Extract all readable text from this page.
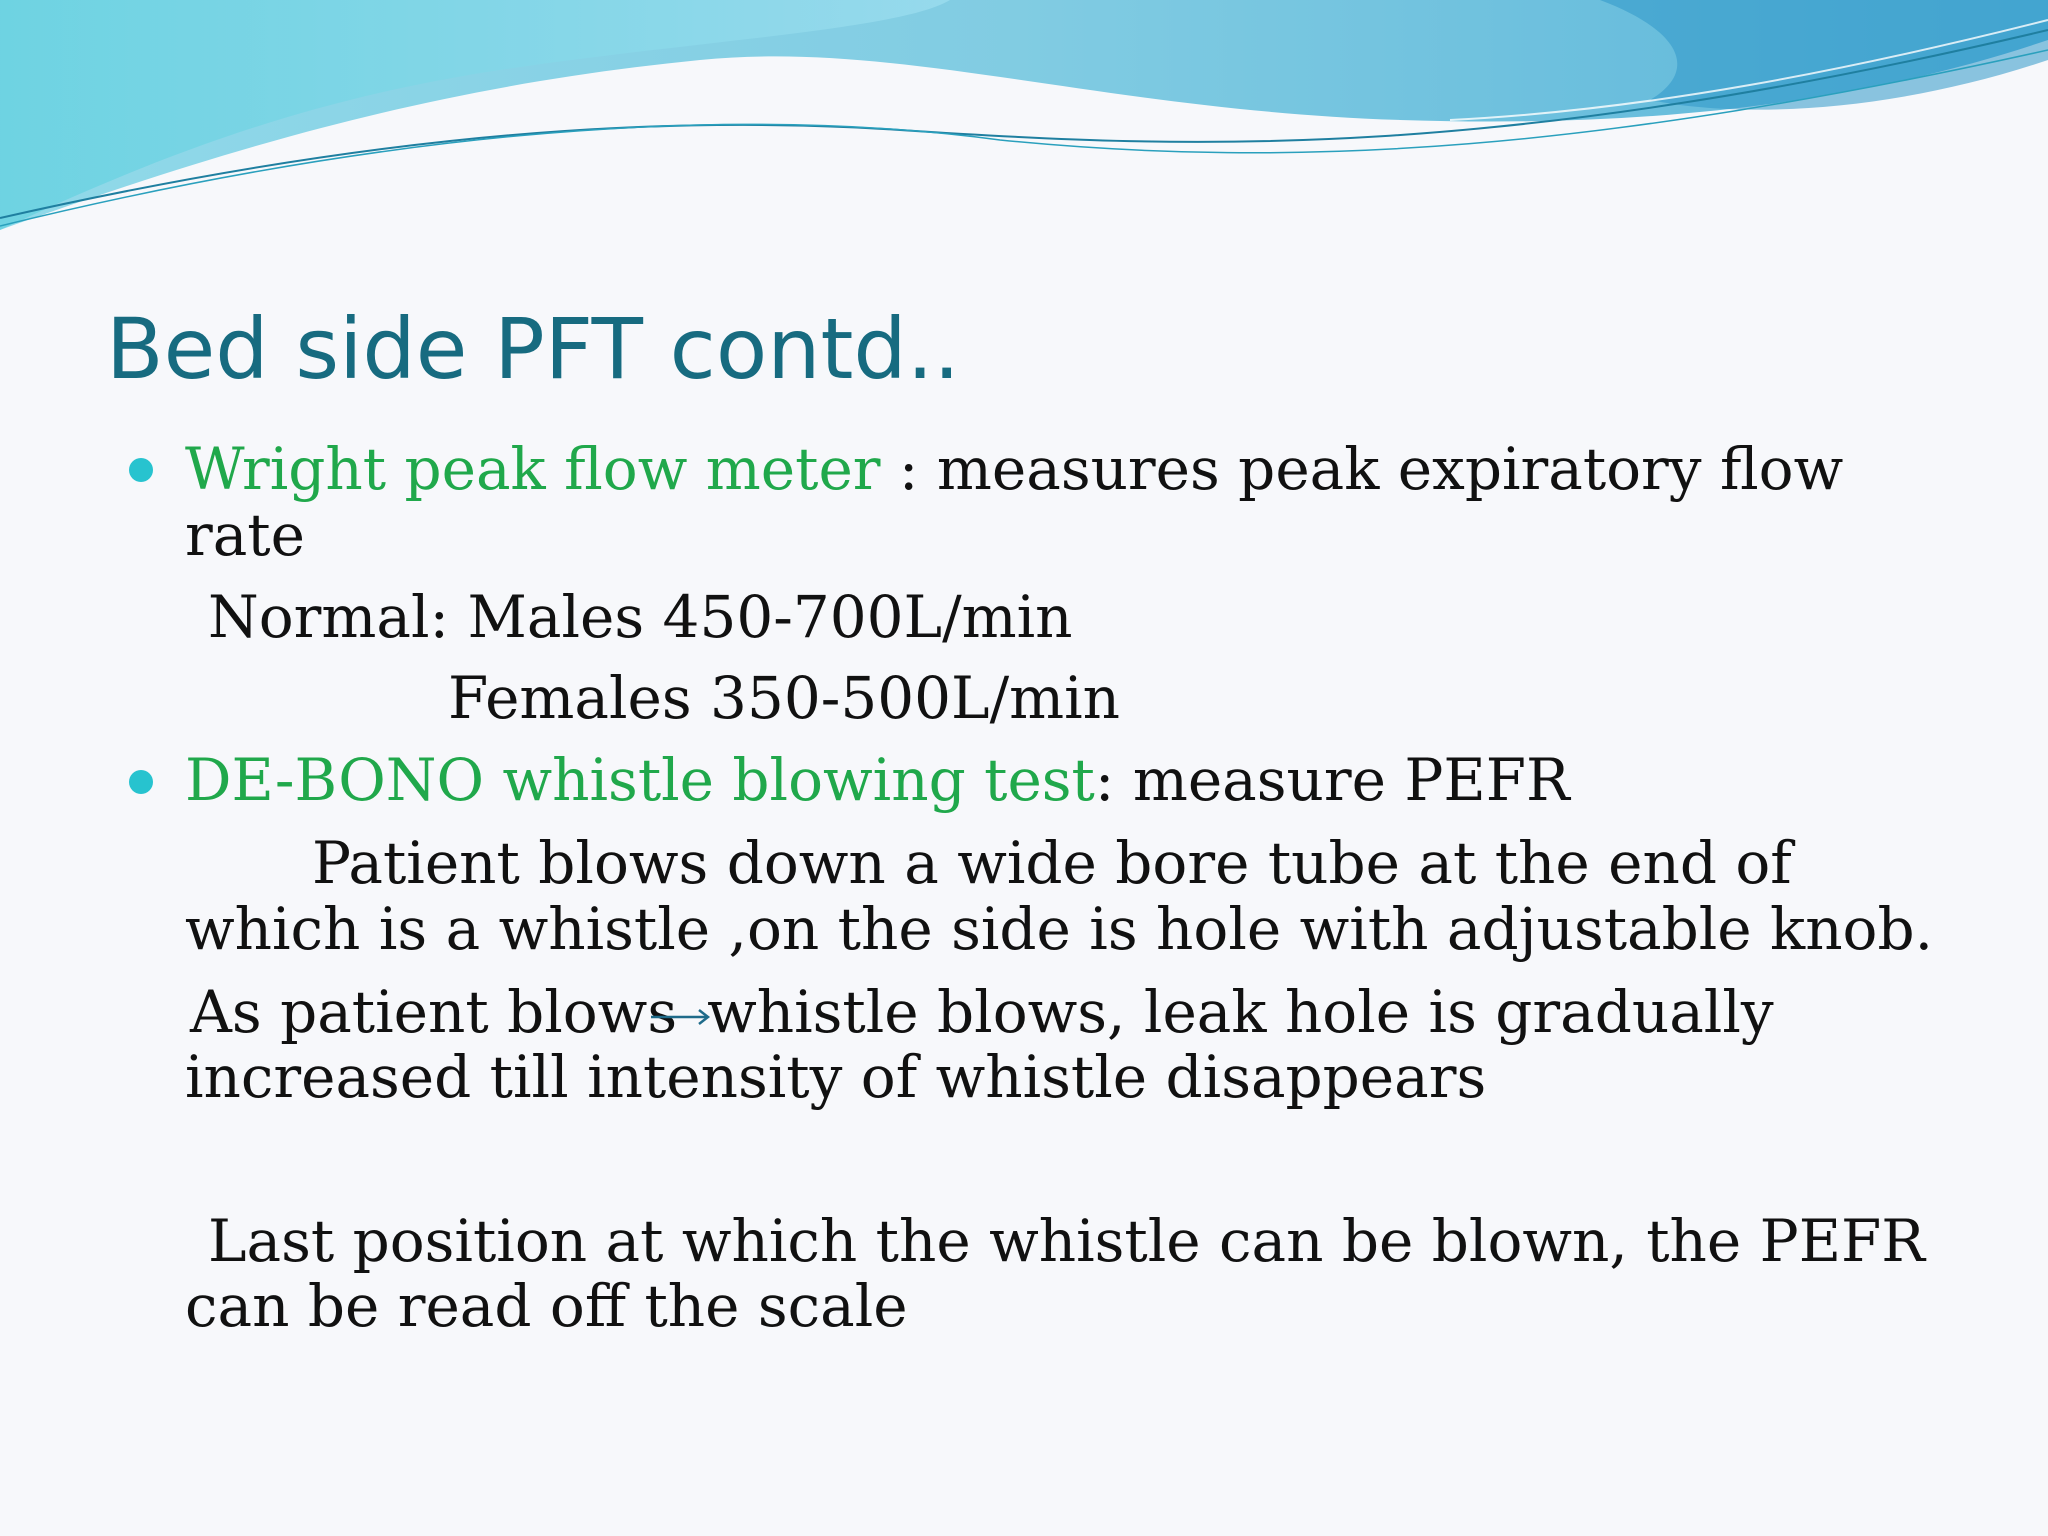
Bed side PFT contd..

Wright peak flow meter : measures peak expiratory flow

rate

Normal: Males 450-700L/min

Females 350-500L/min

DE-BONO whistle blowing test: measure PEFR

Patient blows down a wide bore tube at the end of

which is a whistle ,on the side is hole with adjustable knob.

As patient blows whistle blows, leak hole is gradually

increased till intensity of whistle disappears

Last position at which the whistle can be blown, the PEFR

can be read off the scale
